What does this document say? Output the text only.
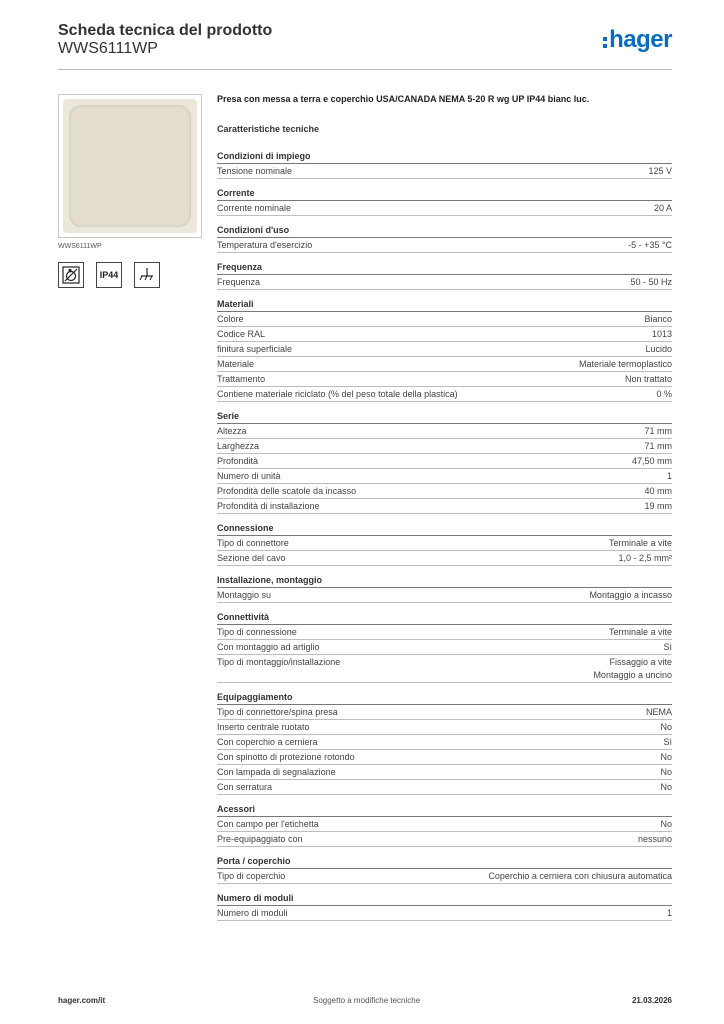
Scheda tecnica del prodotto
WWS6111WP	hager
WWS6111WP
IP44
Presa con messa a terra e coperchio USA/CANADA NEMA 5-20 R wg UP IP44 bianc luc.
Caratteristiche tecniche
Condizioni di impiego
Tensione nominale	125 V
Corrente
Corrente nominale	20 A
Condizioni d'uso
Temperatura d'esercizio	-5 - +35 °C
Frequenza
Frequenza	50 - 50 Hz
Materiali
Colore	Bianco
Codice RAL	1013
finitura superficiale	Lucido
Materiale	Materiale termoplastico
Trattamento	Non trattato
Contiene materiale riciclato (% del peso totale della plastica)	0 %
Serie
Altezza	71 mm
Larghezza	71 mm
Profondità	47,50 mm
Numero di unità	1
Profondità delle scatole da incasso	40 mm
Profondità di installazione	19 mm
Connessione
Tipo di connettore	Terminale a vite
Sezione del cavo	1,0 - 2,5 mm²
Installazione, montaggio
Montaggio su	Montaggio a incasso
Connettività
Tipo di connessione	Terminale a vite
Con montaggio ad artiglio	Sì
Tipo di montaggio/installazione	Fissaggio a vite
Montaggio a uncino
Equipaggiamento
Tipo di connettore/spina presa	NEMA
Inserto centrale ruotato	No
Con coperchio a cerniera	Sì
Con spinotto di protezione rotondo	No
Con lampada di segnalazione	No
Con serratura	No
Acessori
Con campo per l'etichetta	No
Pre-equipaggiato con	nessuno
Porta / coperchio
Tipo di coperchio	Coperchio a cerniera con chiusura automatica
Numero di moduli
Numero di moduli	1
hager.com/it	Soggetto a modifiche tecniche	21.03.2026
